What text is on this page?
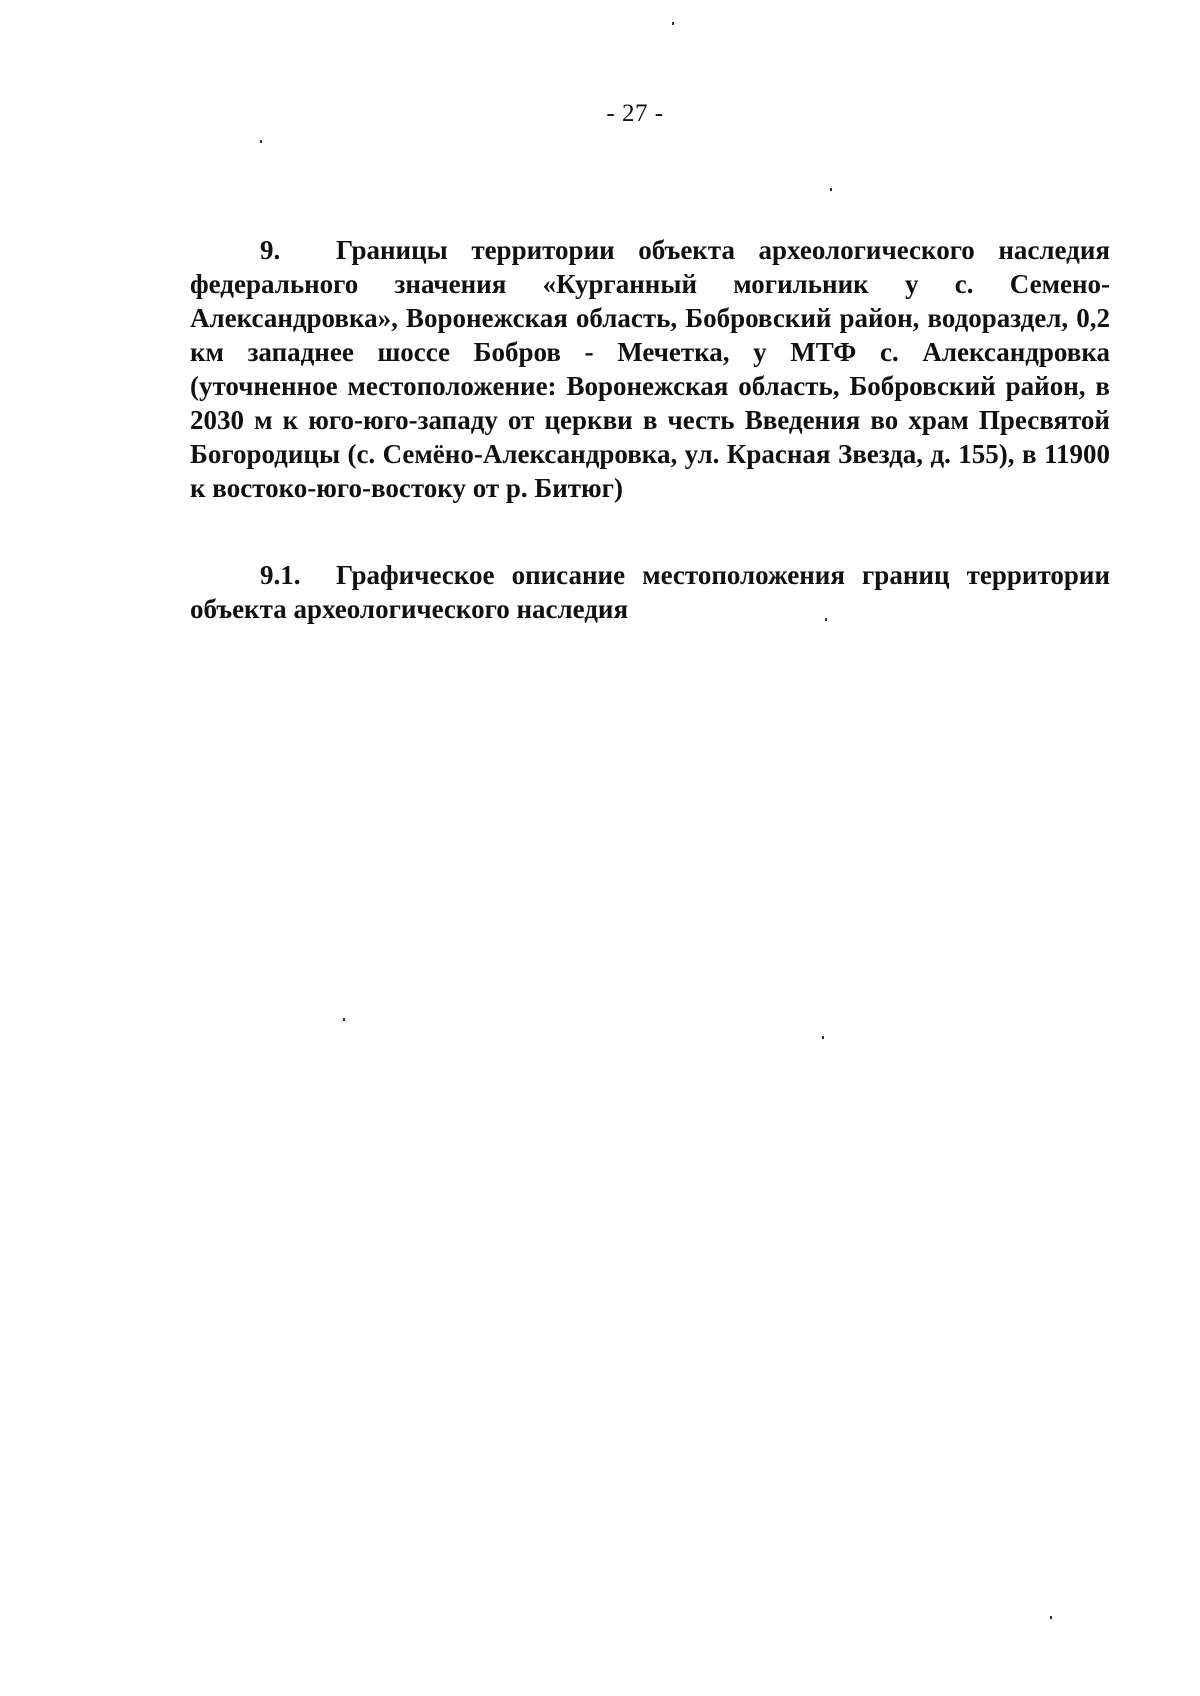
- 27 -
9. Границы территории объекта археологического наследия федерального значения «Курганный могильник у с. Семено-Александровка», Воронежская область, Бобровский район, водораздел, 0,2 км западнее шоссе Бобров - Мечетка, у МТФ с. Александровка (уточненное местоположение: Воронежская область, Бобровский район, в 2030 м к юго-юго-западу от церкви в честь Введения во храм Пресвятой Богородицы (с. Семёно-Александровка, ул. Красная Звезда, д. 155), в 11900 к востоко-юго-востоку от р. Битюг)
9.1. Графическое описание местоположения границ территории объекта археологического наследия
